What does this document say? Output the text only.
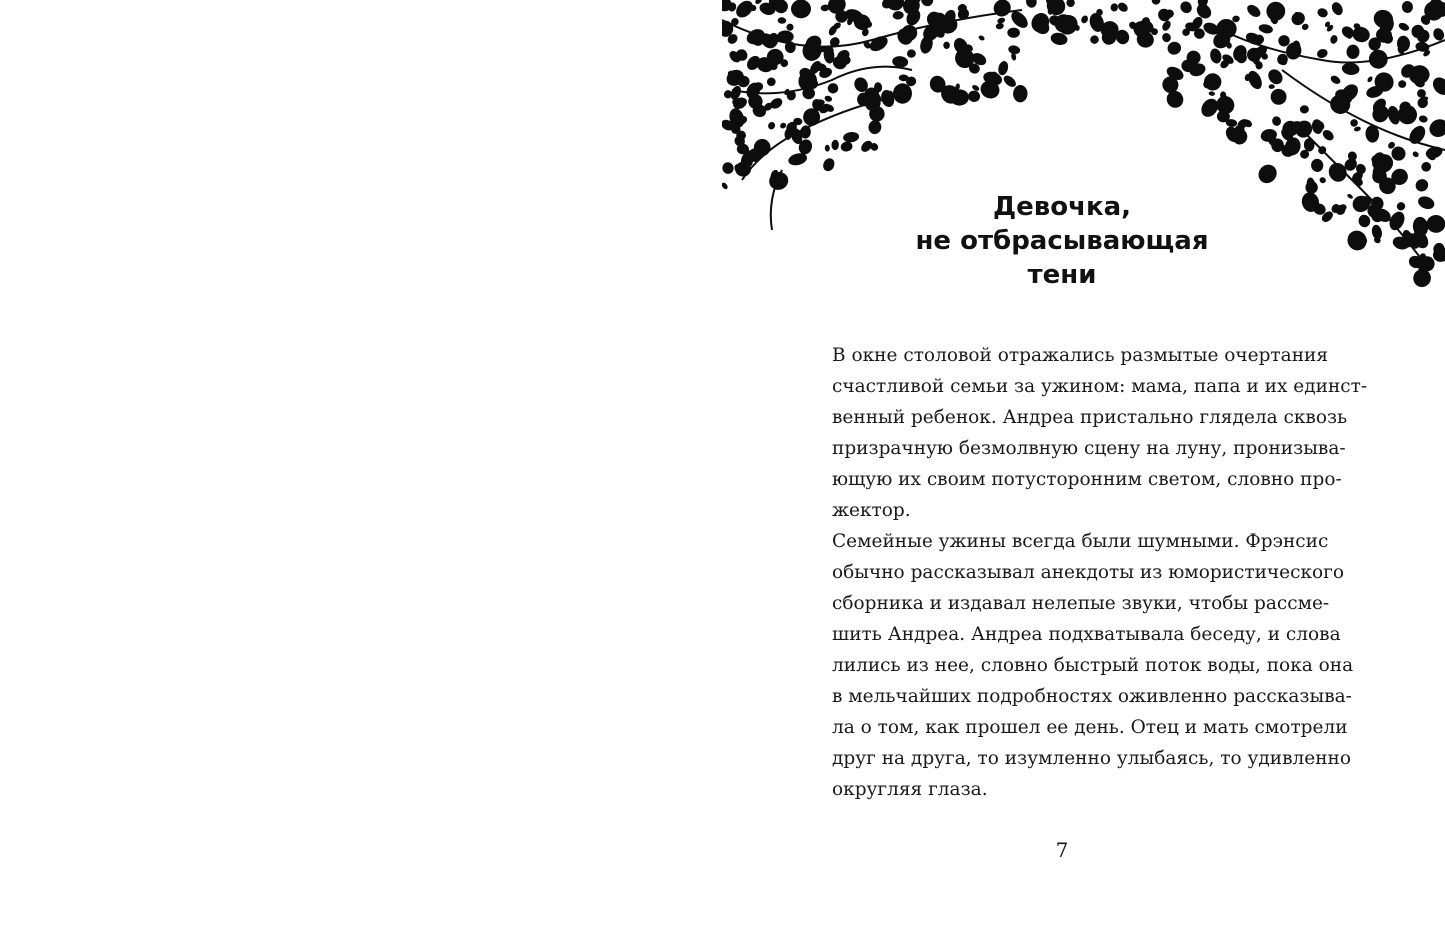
Девочка,
не отбрасывающая
тени

В окне столовой отражались размытые очертания
счастливой семьи за ужином: мама, папа и их единст-
венный ребенок. Андреа пристально глядела сквозь
призрачную безмолвную сцену на луну, пронизыва-
ющую их своим потусторонним светом, словно про-
жектор.

Семейные ужины всегда были шумными. Фрэнсис
обычно рассказывал анекдоты из юмористического
сборника и издавал нелепые звуки, чтобы рассме-
шить Андреа. Андреа подхватывала беседу, и слова
лились из нее, словно быстрый поток воды, пока она
в мельчайших подробностях оживленно рассказыва-
ла о том, как прошел ее день. Отец и мать смотрели
друг на друга, то изумленно улыбаясь, то удивленно
округляя глаза.

7
